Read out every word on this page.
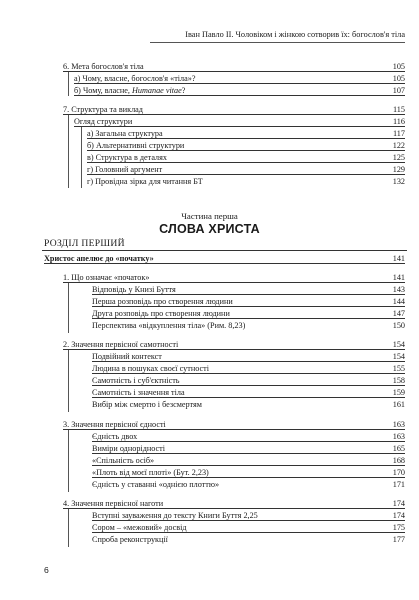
Іван Павло ІІ. Чоловіком і жінкою сотворив їх: богослов'я тіла
6. Мета богослов'я тіла	105
а) Чому, власне, богослов'я «тіла»?	105
б) Чому, власне, Humanae vitae?	107
7. Структура та виклад	115
Огляд структури	116
а) Загальна структура	117
б) Альтернативні структури	122
в) Структура в деталях	125
г) Головний аргумент	129
г) Провідна зірка для читання БТ	132
Частина перша
СЛОВА ХРИСТА
РОЗДІЛ ПЕРШИЙ
Христос апелює до «початку»	141
1. Що означає «початок»	141
Відповідь у Книзі Буття	143
Перша розповідь про створення людини	144
Друга розповідь про створення людини	147
Перспектива «відкуплення тіла» (Рим. 8,23)	150
2. Значення первісної самотності	154
Подвійний контекст	154
Людина в пошуках своєї сутності	155
Самотність і суб'єктність	158
Самотність і значення тіла	159
Вибір між смертю і безсмертям	161
3. Значення первісної єдності	163
Єдність двох	163
Виміри однорідності	165
«Спільність осіб»	168
«Плоть від моєї плоті» (Бут. 2,23)	170
Єдність у ставанні «однією плоттю»	171
4. Значення первісної наготи	174
Вступні зауваження до тексту Книги Буття 2,25	174
Сором – «межовий» досвід	175
Спроба реконструкції	177
6
